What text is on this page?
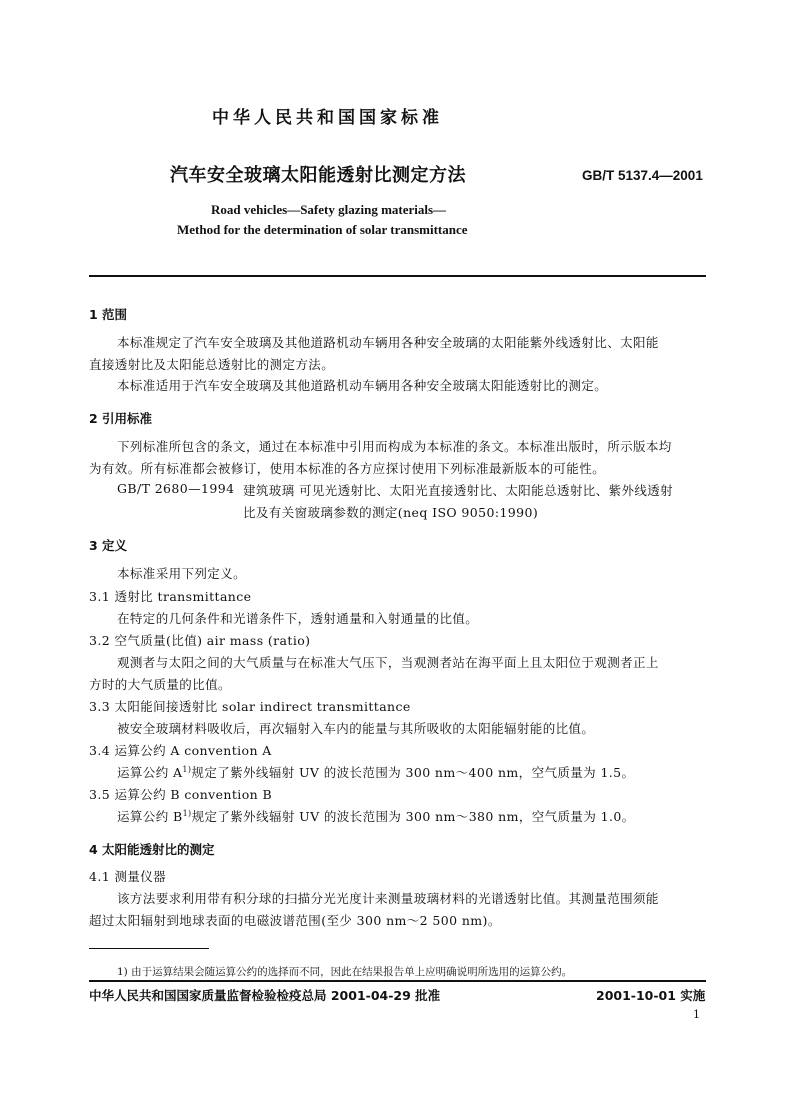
中华人民共和国国家标准
汽车安全玻璃太阳能透射比测定方法	GB/T 5137.4—2001
Road vehicles—Safety glazing materials—
Method for the determination of solar transmittance
1 范围
本标准规定了汽车安全玻璃及其他道路机动车辆用各种安全玻璃的太阳能紫外线透射比、太阳能
直接透射比及太阳能总透射比的测定方法。
本标准适用于汽车安全玻璃及其他道路机动车辆用各种安全玻璃太阳能透射比的测定。
2 引用标准
下列标准所包含的条文，通过在本标准中引用而构成为本标准的条文。本标准出版时，所示版本均
为有效。所有标准都会被修订，使用本标准的各方应探讨使用下列标准最新版本的可能性。
GB/T 2680—1994 建筑玻璃 可见光透射比、太阳光直接透射比、太阳能总透射比、紫外线透射
比及有关窗玻璃参数的测定(neq ISO 9050:1990)
3 定义
本标准采用下列定义。
3.1 透射比 transmittance
在特定的几何条件和光谱条件下，透射通量和入射通量的比值。
3.2 空气质量(比值) air mass (ratio)
观测者与太阳之间的大气质量与在标准大气压下，当观测者站在海平面上且太阳位于观测者正上
方时的大气质量的比值。
3.3 太阳能间接透射比 solar indirect transmittance
被安全玻璃材料吸收后，再次辐射入车内的能量与其所吸收的太阳能辐射能的比值。
3.4 运算公约 A convention A
运算公约 $A^{1)}$规定了紫外线辐射 UV 的波长范围为 300 nm～400 nm，空气质量为 1.5。
3.5 运算公约 B convention B
运算公约 $B^{1)}$规定了紫外线辐射 UV 的波长范围为 300 nm～380 nm，空气质量为 1.0。
4 太阳能透射比的测定
4.1 测量仪器
该方法要求利用带有积分球的扫描分光光度计来测量玻璃材料的光谱透射比值。其测量范围须能
超过太阳辐射到地球表面的电磁波谱范围(至少 300 nm～2 500 nm)。
1) 由于运算结果会随运算公约的选择而不同，因此在结果报告单上应明确说明所选用的运算公约。
中华人民共和国国家质量监督检验检疫总局 2001-04-29 批准	2001-10-01 实施
1
